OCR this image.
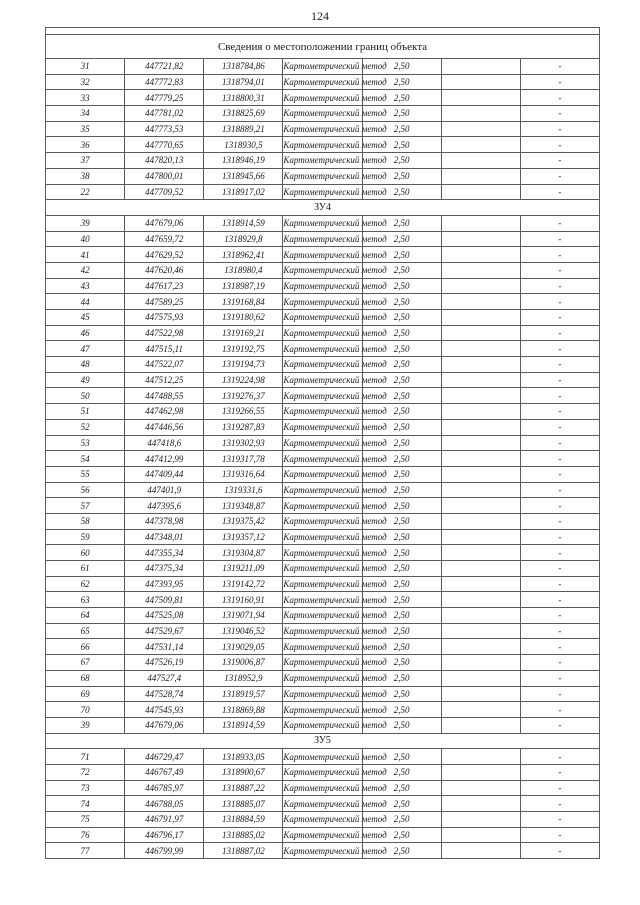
124

Сведения о местоположении границ объекта						
31	447721,82	1318784,86	Картометрический метод	2,50		-
32	447772,83	1318794,01	Картометрический метод	2,50		-
33	447779,25	1318800,31	Картометрический метод	2,50		-
34	447781,02	1318825,69	Картометрический метод	2,50		-
35	447773,53	1318889,21	Картометрический метод	2,50		-
36	447770,65	1318930,5	Картометрический метод	2,50		-
37	447820,13	1318946,19	Картометрический метод	2,50		-
38	447800,01	1318945,66	Картометрический метод	2,50		-
22	447709,52	1318917,02	Картометрический метод	2,50		-
ЗУ4						
39	447679,06	1318914,59	Картометрический метод	2,50		-
40	447659,72	1318929,8	Картометрический метод	2,50		-
41	447629,52	1318962,41	Картометрический метод	2,50		-
42	447620,46	1318980,4	Картометрический метод	2,50		-
43	447617,23	1318987,19	Картометрический метод	2,50		-
44	447589,25	1319168,84	Картометрический метод	2,50		-
45	447575,93	1319180,62	Картометрический метод	2,50		-
46	447522,98	1319169,21	Картометрический метод	2,50		-
47	447515,11	1319192,75	Картометрический метод	2,50		-
48	447522,07	1319194,73	Картометрический метод	2,50		-
49	447512,25	1319224,98	Картометрический метод	2,50		-
50	447488,55	1319276,37	Картометрический метод	2,50		-
51	447462,98	1319266,55	Картометрический метод	2,50		-
52	447446,56	1319287,83	Картометрический метод	2,50		-
53	447418,6	1319302,93	Картометрический метод	2,50		-
54	447412,99	1319317,78	Картометрический метод	2,50		-
55	447409,44	1319316,64	Картометрический метод	2,50		-
56	447401,9	1319331,6	Картометрический метод	2,50		-
57	447395,6	1319348,87	Картометрический метод	2,50		-
58	447378,98	1319375,42	Картометрический метод	2,50		-
59	447348,01	1319357,12	Картометрический метод	2,50		-
60	447355,34	1319304,87	Картометрический метод	2,50		-
61	447375,34	1319211,09	Картометрический метод	2,50		-
62	447393,95	1319142,72	Картометрический метод	2,50		-
63	447509,81	1319160,91	Картометрический метод	2,50		-
64	447525,08	1319071,94	Картометрический метод	2,50		-
65	447529,67	1319046,52	Картометрический метод	2,50		-
66	447531,14	1319029,05	Картометрический метод	2,50		-
67	447526,19	1319006,87	Картометрический метод	2,50		-
68	447527,4	1318952,9	Картометрический метод	2,50		-
69	447528,74	1318919,57	Картометрический метод	2,50		-
70	447545,93	1318869,88	Картометрический метод	2,50		-
39	447679,06	1318914,59	Картометрический метод	2,50		-
ЗУ5						
71	446729,47	1318933,05	Картометрический метод	2,50		-
72	446767,49	1318900,67	Картометрический метод	2,50		-
73	446785,97	1318887,22	Картометрический метод	2,50		-
74	446788,05	1318885,07	Картометрический метод	2,50		-
75	446791,97	1318884,59	Картометрический метод	2,50		-
76	446796,17	1318885,02	Картометрический метод	2,50		-
77	446799,99	1318887,02	Картометрический метод	2,50		-
